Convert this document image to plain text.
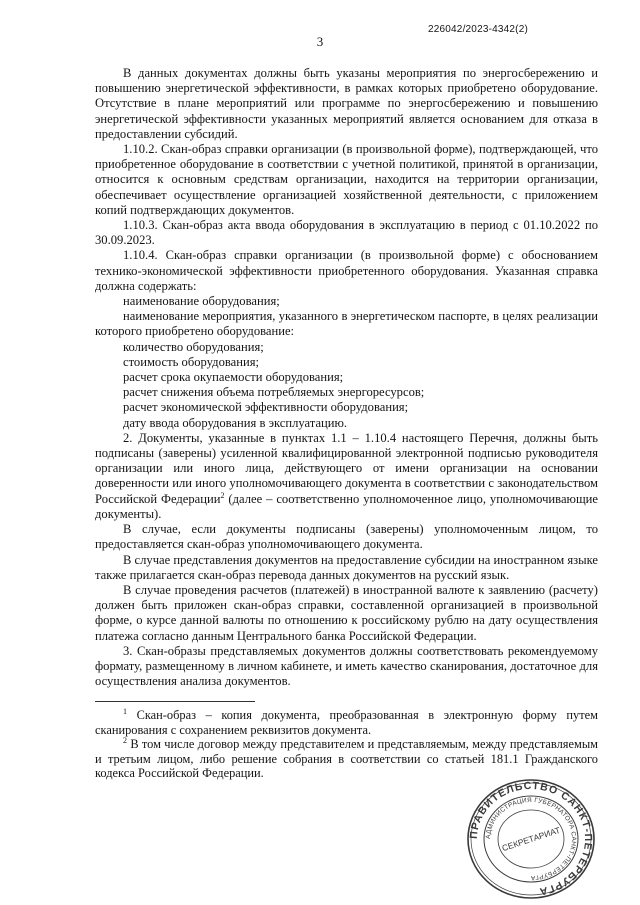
226042/2023-4342(2)
3

В данных документах должны быть указаны мероприятия по энергосбережению и повышению энергетической эффективности, в рамках которых приобретено оборудование. Отсутствие в плане мероприятий или программе по энергосбережению и повышению энергетической эффективности указанных мероприятий является основанием для отказа в предоставлении субсидий.

1.10.2. Скан-образ справки организации (в произвольной форме), подтверждающей, что приобретенное оборудование в соответствии с учетной политикой, принятой в организации, относится к основным средствам организации, находится на территории организации, обеспечивает осуществление организацией хозяйственной деятельности, с приложением копий подтверждающих документов.

1.10.3. Скан-образ акта ввода оборудования в эксплуатацию в период с 01.10.2022 по 30.09.2023.

1.10.4. Скан-образ справки организации (в произвольной форме) с обоснованием технико-экономической эффективности приобретенного оборудования. Указанная справка должна содержать:

наименование оборудования;

наименование мероприятия, указанного в энергетическом паспорте, в целях реализации которого приобретено оборудование:

количество оборудования;

стоимость оборудования;

расчет срока окупаемости оборудования;

расчет снижения объема потребляемых энергоресурсов;

расчет экономической эффективности оборудования;

дату ввода оборудования в эксплуатацию.

2. Документы, указанные в пунктах 1.1 – 1.10.4 настоящего Перечня, должны быть подписаны (заверены) усиленной квалифицированной электронной подписью руководителя организации или иного лица, действующего от имени организации на основании доверенности или иного уполномочивающего документа в соответствии с законодательством Российской Федерации$^2$ (далее – соответственно уполномоченное лицо, уполномочивающие документы).

В случае, если документы подписаны (заверены) уполномоченным лицом, то предоставляется скан-образ уполномочивающего документа.

В случае представления документов на предоставление субсидии на иностранном языке также прилагается скан-образ перевода данных документов на русский язык.

В случае проведения расчетов (платежей) в иностранной валюте к заявлению (расчету) должен быть приложен скан-образ справки, составленной организацией в произвольной форме, о курсе данной валюты по отношению к российскому рублю на дату осуществления платежа согласно данным Центрального банка Российской Федерации.

3. Скан-образы представляемых документов должны соответствовать рекомендуемому формату, размещенному в личном кабинете, и иметь качество сканирования, достаточное для осуществления анализа документов.

$^1$ Скан-образ – копия документа, преобразованная в электронную форму путем сканирования с сохранением реквизитов документа.

$^2$ В том числе договор между представителем и представляемым, между представляемым и третьим лицом, либо решение собрания в соответствии со статьей 181.1 Гражданского кодекса Российской Федерации.

ПРАВИТЕЛЬСТВО САНКТ-ПЕТЕРБУРГА
АДМИНИСТРАЦИЯ ГУБЕРНАТОРА САНКТ-ПЕТЕРБУРГА
СЕКРЕТАРИАТ
